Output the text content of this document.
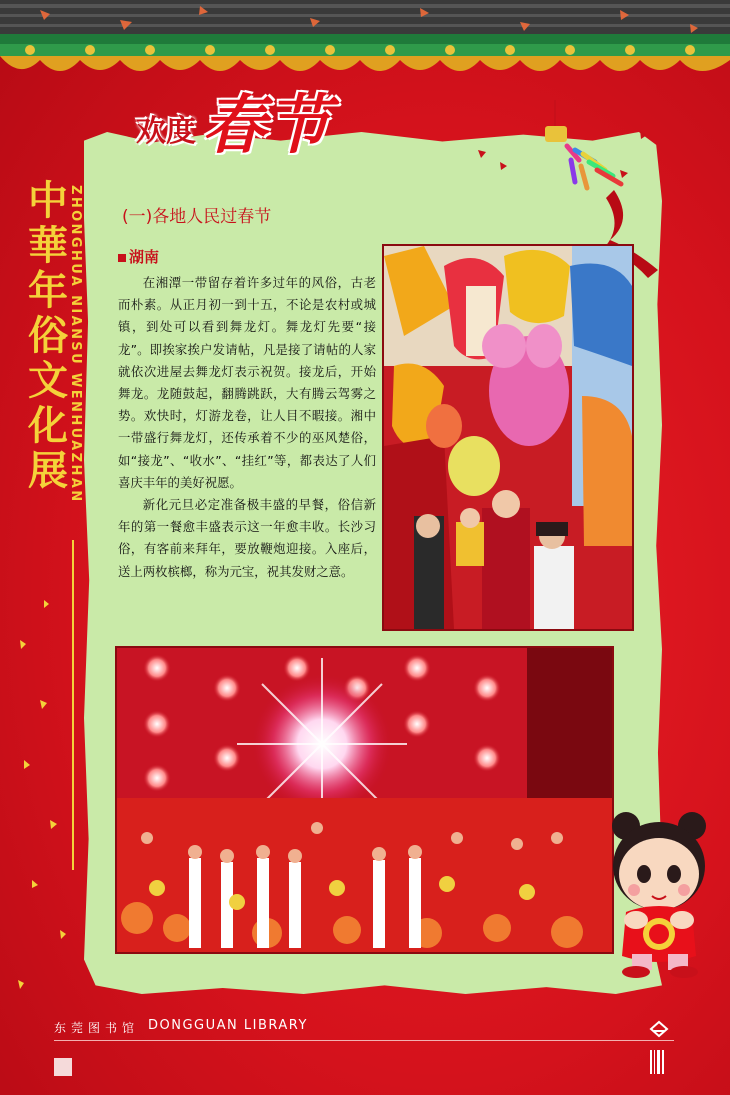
欢度 春节
中華年俗文化展 ZHONGHUA NIANSU WENHUAZHAN (一)各地人民过春节
湖南

在湘潭一带留存着许多过年的风俗，古老而朴素。从正月初一到十五，不论是农村或城镇，到处可以看到舞龙灯。舞龙灯先要“接龙”。即挨家挨户发请帖，凡是接了请帖的人家就依次进屋去舞龙灯表示祝贺。接龙后，开始舞龙。龙随鼓起，翻腾跳跃，大有腾云驾雾之势。欢快时，灯游龙卷，让人目不暇接。湘中一带盛行舞龙灯，还传承着不少的巫风楚俗，如“接龙”、“收水”、“挂红”等，都表达了人们喜庆丰年的美好祝愿。

新化元旦必定准备极丰盛的早餐，俗信新年的第一餐愈丰盛表示这一年愈丰收。长沙习俗，有客前来拜年，要放鞭炮迎接。入座后，送上两枚槟榔，称为元宝，祝其发财之意。

东莞图书馆 DONGGUAN LIBRARY
